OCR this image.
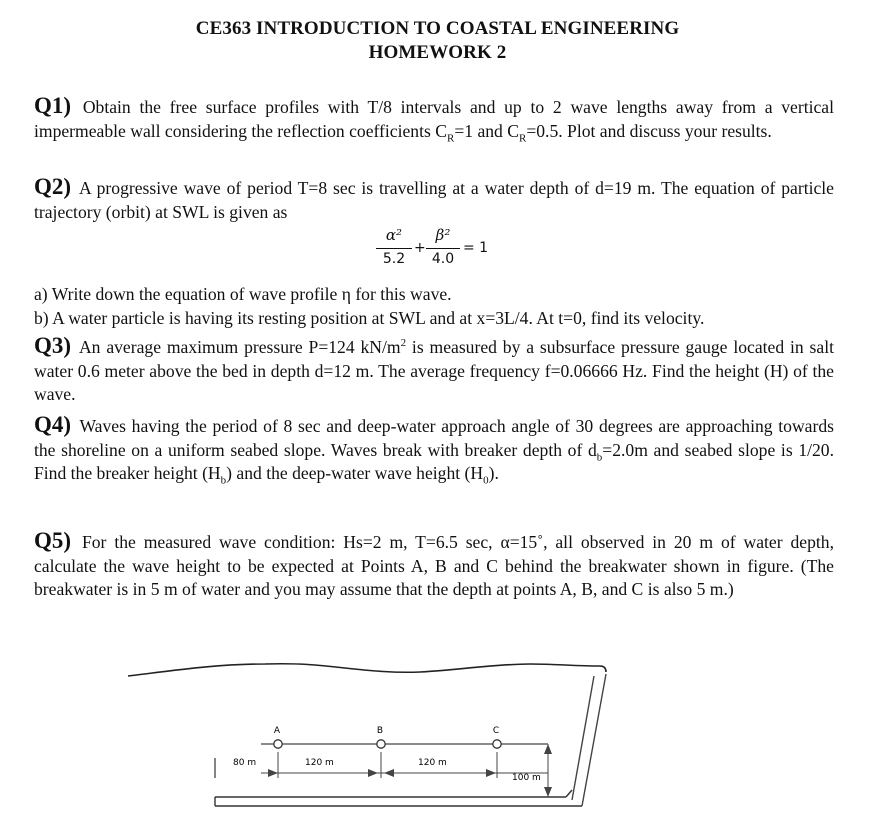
CE363 INTRODUCTION TO COASTAL ENGINEERING
HOMEWORK 2
Q1) Obtain the free surface profiles with T/8 intervals and up to 2 wave lengths away from a vertical impermeable wall considering the reflection coefficients $C_R=1$ and $C_R=0.5$. Plot and discuss your results.
Q2) A progressive wave of period T=8 sec is travelling at a water depth of d=19 m. The equation of particle trajectory (orbit) at SWL is given as
α²
5.2
+
β²
4.0
= 1
a) Write down the equation of wave profile η for this wave.
b) A water particle is having its resting position at SWL and at x=3L/4. At t=0, find its velocity.
Q3) An average maximum pressure P=124 $kN/m^2$ is measured by a subsurface pressure gauge located in salt water 0.6 meter above the bed in depth d=12 m. The average frequency f=0.06666 Hz. Find the height (H) of the wave.
Q4) Waves having the period of 8 sec and deep-water approach angle of 30 degrees are approaching towards the shoreline on a uniform seabed slope. Waves break with breaker depth of $d_b=2.0m$ and seabed slope is 1/20. Find the breaker height $(H_b)$ and the deep-water wave height $(H_0)$.
Q5) For the measured wave condition: Hs=2 m, T=6.5 sec, α=15˚, all observed in 20 m of water depth, calculate the wave height to be expected at Points A, B and C behind the breakwater shown in figure. (The breakwater is in 5 m of water and you may assume that the depth at points A, B, and C is also 5 m.)
A	B	C
80 m	120 m	120 m
100 m
